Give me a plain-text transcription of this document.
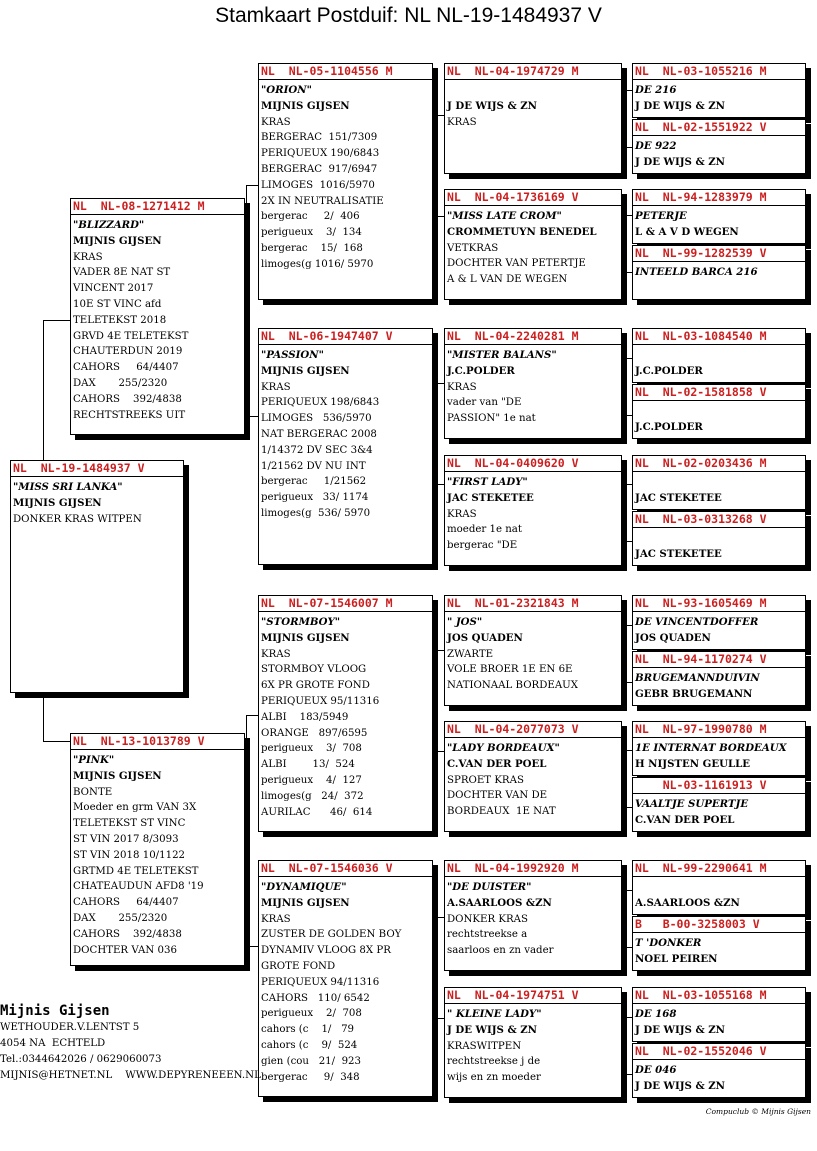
Stamkaart Postduif: NL NL-19-1484937 V
NL  NL-19-1484937 V
"MISS SRI LANKA"
MIJNIS GIJSEN
DONKER KRAS WITPEN
NL  NL-08-1271412 M
"BLIZZARD"
MIJNIS GIJSEN
KRAS
VADER 8E NAT ST
VINCENT 2017
10E ST VINC afd
TELETEKST 2018
GRVD 4E TELETEKST
CHAUTERDUN 2019
CAHORS     64/4407
DAX       255/2320
CAHORS    392/4838
RECHTSTREEKS UIT
NL  NL-13-1013789 V
"PINK"
MIJNIS GIJSEN
BONTE
Moeder en grm VAN 3X
TELETEKST ST VINC
ST VIN 2017 8/3093
ST VIN 2018 10/1122
GRTMD 4E TELETEKST
CHATEAUDUN AFD8 '19
CAHORS     64/4407
DAX       255/2320
CAHORS    392/4838
DOCHTER VAN 036
NL  NL-05-1104556 M
"ORION"
MIJNIS GIJSEN
KRAS
BERGERAC  151/7309
PERIQUEUX 190/6843
BERGERAC  917/6947
LIMOGES  1016/5970
2X IN NEUTRALISATIE
bergerac     2/  406
perigueux    3/  134
bergerac    15/  168
limoges(g 1016/ 5970
NL  NL-06-1947407 V
"PASSION"
MIJNIS GIJSEN
KRAS
PERIQUEUX 198/6843
LIMOGES   536/5970
NAT BERGERAC 2008
1/14372 DV SEC 3&4
1/21562 DV NU INT
bergerac     1/21562
perigueux   33/ 1174
limoges(g  536/ 5970
NL  NL-07-1546007 M
"STORMBOY"
MIJNIS GIJSEN
KRAS
STORMBOY VLOOG
6X PR GROTE FOND
PERIQUEUX 95/11316
ALBI    183/5949
ORANGE   897/6595
perigueux    3/  708
ALBI        13/  524
perigueux    4/  127
limoges(g   24/  372
AURILAC      46/  614
NL  NL-07-1546036 V
"DYNAMIQUE"
MIJNIS GIJSEN
KRAS
ZUSTER DE GOLDEN BOY
DYNAMIV VLOOG 8X PR
GROTE FOND
PERIQUEUX 94/11316
CAHORS   110/ 6542
perigueux    2/  708
cahors (c    1/   79
cahors (c    9/  524
gien (cou   21/  923
bergerac     9/  348
NL  NL-04-1974729 M
J DE WIJS & ZN
KRAS
NL  NL-04-1736169 V
"MISS LATE CROM"
CROMMETUYN BENEDEL
VETKRAS
DOCHTER VAN PETERTJE
A & L VAN DE WEGEN
NL  NL-04-2240281 M
"MISTER BALANS"
J.C.POLDER
KRAS
vader van "DE
PASSION" 1e nat
NL  NL-04-0409620 V
"FIRST LADY"
JAC STEKETEE
KRAS
moeder 1e nat
bergerac "DE
NL  NL-01-2321843 M
" JOS"
JOS QUADEN
ZWARTE
VOLE BROER 1E EN 6E
NATIONAAL BORDEAUX
NL  NL-04-2077073 V
"LADY BORDEAUX"
C.VAN DER POEL
SPROET KRAS
DOCHTER VAN DE
BORDEAUX  1E NAT
NL  NL-04-1992920 M
"DE DUISTER"
A.SAARLOOS &ZN
DONKER KRAS
rechtstreekse a
saarloos en zn vader
NL  NL-04-1974751 V
" KLEINE LADY"
J DE WIJS & ZN
KRASWITPEN
rechtstreekse j de
wijs en zn moeder
NL  NL-03-1055216 M
DE 216
J DE WIJS & ZN
NL  NL-02-1551922 V
DE 922
J DE WIJS & ZN
NL  NL-94-1283979 M
PETERJE
L & A V D WEGEN
NL  NL-99-1282539 V
INTEELD BARCA 216
NL  NL-03-1084540 M
J.C.POLDER
NL  NL-02-1581858 V
J.C.POLDER
NL  NL-02-0203436 M
JAC STEKETEE
NL  NL-03-0313268 V
JAC STEKETEE
NL  NL-93-1605469 M
DE VINCENTDOFFER
JOS QUADEN
NL  NL-94-1170274 V
BRUGEMANNDUIVIN
GEBR BRUGEMANN
NL  NL-97-1990780 M
1E INTERNAT BORDEAUX
H NIJSTEN GEULLE
NL-03-1161913 V
VAALTJE SUPERTJE
C.VAN DER POEL
NL  NL-99-2290641 M
A.SAARLOOS &ZN
B   B-00-3258003 V
T 'DONKER
NOEL PEIREN
NL  NL-03-1055168 M
DE 168
J DE WIJS & ZN
NL  NL-02-1552046 V
DE 046
J DE WIJS & ZN
Mijnis Gijsen
WETHOUDER.V.LENTST 5
4054 NA  ECHTELD
Tel.:0344642026 / 0629060073
MIJNIS@HETNET.NL    WWW.DEPYRENEEEN.NL
Compuclub © Mijnis Gijsen
